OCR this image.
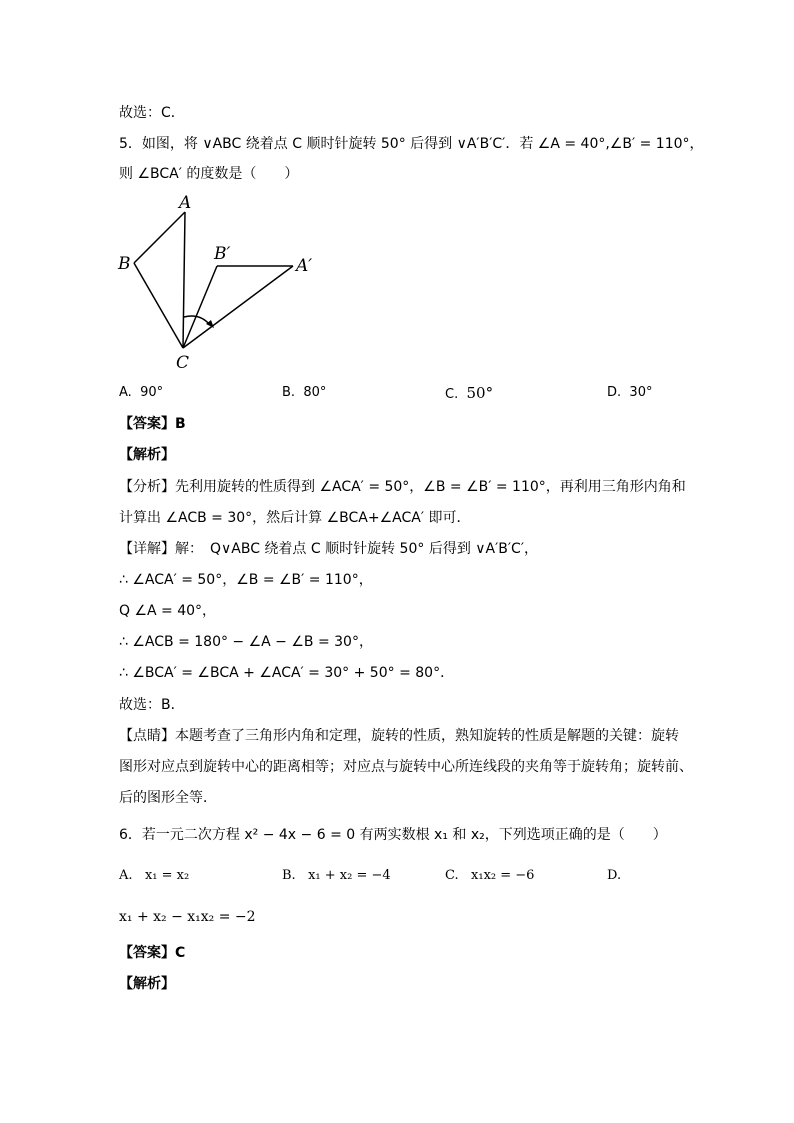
故选：C．
5．如图，将 ∨ABC 绕着点 C 顺时针旋转 50° 后得到 ∨A′B′C′．若 ∠A = 40°,∠B′ = 110°，
则 ∠BCA′ 的度数是（　　）
A
B
C
A′
B′
A. 90°	B. 80°	C. 50°	D. 30°
【答案】B
【解析】
【分析】先利用旋转的性质得到 ∠ACA′ = 50°，∠B = ∠B′ = 110°，再利用三角形内角和
计算出 ∠ACB = 30°，然后计算 ∠BCA+∠ACA′ 即可．
【详解】解：　Q∨ABC 绕着点 C 顺时针旋转 50° 后得到 ∨A′B′C′，
∴ ∠ACA′ = 50°，∠B = ∠B′ = 110°，
Q ∠A = 40°，
∴ ∠ACB = 180° − ∠A − ∠B = 30°，
∴ ∠BCA′ = ∠BCA + ∠ACA′ = 30° + 50° = 80°．
故选：B．
【点睛】本题考查了三角形内角和定理，旋转的性质，熟知旋转的性质是解题的关键：旋转
图形对应点到旋转中心的距离相等；对应点与旋转中心所连线段的夹角等于旋转角；旋转前、
后的图形全等．
6．若一元二次方程 x² − 4x − 6 = 0 有两实数根 x₁ 和 x₂，下列选项正确的是（　　）
A. x₁ = x₂	B. x₁ + x₂ = −4	C. x₁x₂ = −6	D.
x₁ + x₂ − x₁x₂ = −2
【答案】C
【解析】
